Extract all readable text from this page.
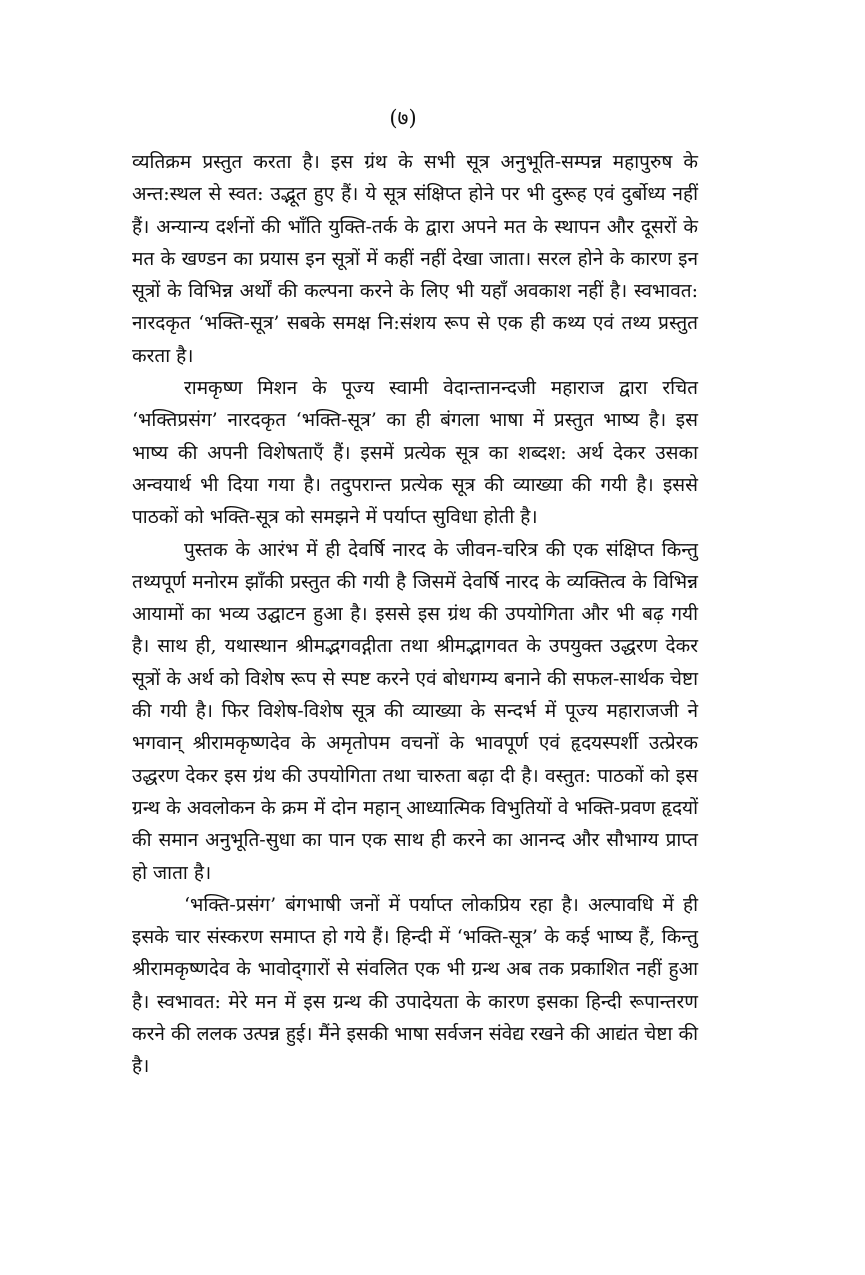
(७)

व्यतिक्रम प्रस्तुत करता है। इस ग्रंथ के सभी सूत्र अनुभूति-सम्पन्न महापुरुष के अन्त:स्थल से स्वत: उद्भूत हुए हैं। ये सूत्र संक्षिप्त होने पर भी दुरूह एवं दुर्बोध्य नहीं हैं। अन्यान्य दर्शनों की भाँति युक्ति-तर्क के द्वारा अपने मत के स्थापन और दूसरों के मत के खण्डन का प्रयास इन सूत्रों में कहीं नहीं देखा जाता। सरल होने के कारण इन सूत्रों के विभिन्न अर्थों की कल्पना करने के लिए भी यहाँ अवकाश नहीं है। स्वभावत: नारदकृत ‘भक्ति-सूत्र’ सबके समक्ष नि:संशय रूप से एक ही कथ्य एवं तथ्य प्रस्तुत करता है।

रामकृष्ण मिशन के पूज्य स्वामी वेदान्तानन्दजी महाराज द्वारा रचित ‘भक्तिप्रसंग’ नारदकृत ‘भक्ति-सूत्र’ का ही बंगला भाषा में प्रस्तुत भाष्य है। इस भाष्य की अपनी विशेषताएँ हैं। इसमें प्रत्येक सूत्र का शब्दश: अर्थ देकर उसका अन्वयार्थ भी दिया गया है। तदुपरान्त प्रत्येक सूत्र की व्याख्या की गयी है। इससे पाठकों को भक्ति-सूत्र को समझने में पर्याप्त सुविधा होती है।

पुस्तक के आरंभ में ही देवर्षि नारद के जीवन-चरित्र की एक संक्षिप्त किन्तु तथ्यपूर्ण मनोरम झाँकी प्रस्तुत की गयी है जिसमें देवर्षि नारद के व्यक्तित्व के विभिन्न आयामों का भव्य उद्घाटन हुआ है। इससे इस ग्रंथ की उपयोगिता और भी बढ़ गयी है। साथ ही, यथास्थान श्रीमद्भगवद्गीता तथा श्रीमद्भागवत के उपयुक्त उद्धरण देकर सूत्रों के अर्थ को विशेष रूप से स्पष्ट करने एवं बोधगम्य बनाने की सफल-सार्थक चेष्टा की गयी है। फिर विशेष-विशेष सूत्र की व्याख्या के सन्दर्भ में पूज्य महाराजजी ने भगवान् श्रीरामकृष्णदेव के अमृतोपम वचनों के भावपूर्ण एवं हृदयस्पर्शी उत्प्रेरक उद्धरण देकर इस ग्रंथ की उपयोगिता तथा चारुता बढ़ा दी है। वस्तुत: पाठकों को इस ग्रन्थ के अवलोकन के क्रम में दोन महान् आध्यात्मिक विभुतियों वे भक्ति-प्रवण हृदयों की समान अनुभूति-सुधा का पान एक साथ ही करने का आनन्द और सौभाग्य प्राप्त हो जाता है।

‘भक्ति-प्रसंग’ बंगभाषी जनों में पर्याप्त लोकप्रिय रहा है। अल्पावधि में ही इसके चार संस्करण समाप्त हो गये हैं। हिन्दी में ‘भक्ति-सूत्र’ के कई भाष्य हैं, किन्तु श्रीरामकृष्णदेव के भावोद्‌गारों से संवलित एक भी ग्रन्थ अब तक प्रकाशित नहीं हुआ है। स्वभावत: मेरे मन में इस ग्रन्थ की उपादेयता के कारण इसका हिन्दी रूपान्तरण करने की ललक उत्पन्न हुई। मैंने इसकी भाषा सर्वजन संवेद्य रखने की आद्यंत चेष्टा की है।
